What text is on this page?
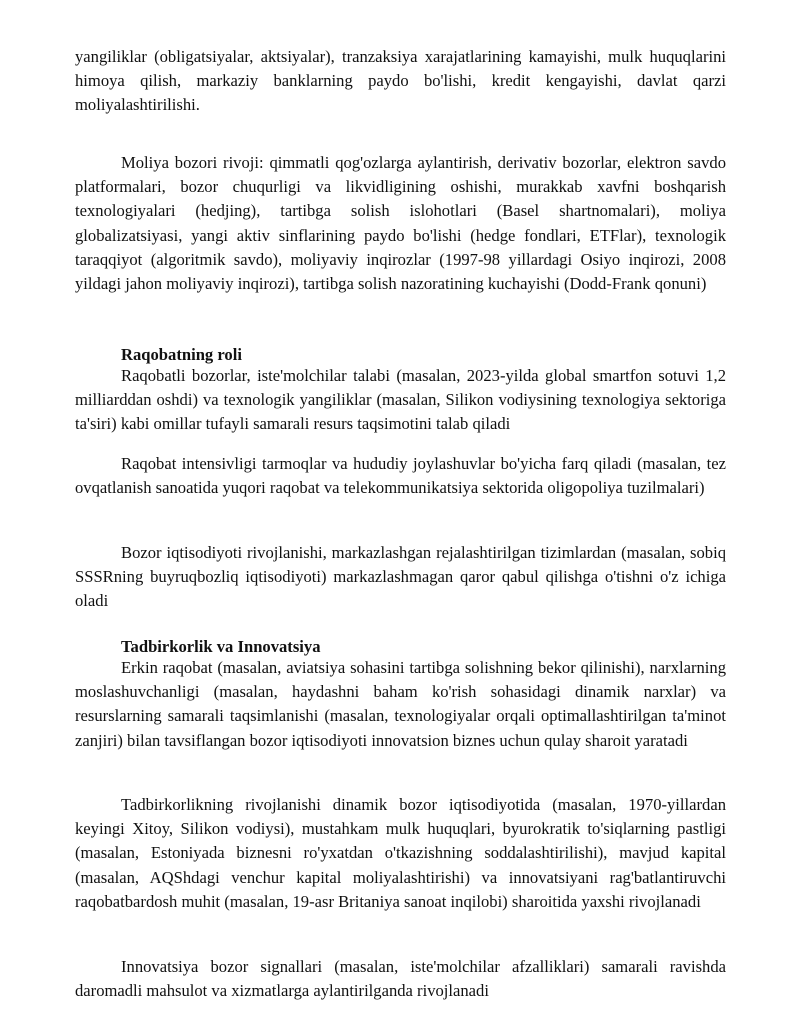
yangiliklar (obligatsiyalar, aktsiyalar), tranzaksiya xarajatlarining kamayishi, mulk huquqlarini himoya qilish, markaziy banklarning paydo bo'lishi, kredit kengayishi, davlat qarzi moliyalashtirilishi.

Moliya bozori rivoji: qimmatli qog'ozlarga aylantirish, derivativ bozorlar, elektron savdo platformalari, bozor chuqurligi va likvidligining oshishi, murakkab xavfni boshqarish texnologiyalari (hedjing), tartibga solish islohotlari (Basel shartnomalari), moliya globalizatsiyasi, yangi aktiv sinflarining paydo bo'lishi (hedge fondlari, ETFlar), texnologik taraqqiyot (algoritmik savdo), moliyaviy inqirozlar (1997-98 yillardagi Osiyo inqirozi, 2008 yildagi jahon moliyaviy inqirozi), tartibga solish nazoratining kuchayishi (Dodd-Frank qonuni)

Raqobatning roli

Raqobatli bozorlar, iste'molchilar talabi (masalan, 2023-yilda global smartfon sotuvi 1,2 milliarddan oshdi) va texnologik yangiliklar (masalan, Silikon vodiysining texnologiya sektoriga ta'siri) kabi omillar tufayli samarali resurs taqsimotini talab qiladi

Raqobat intensivligi tarmoqlar va hududiy joylashuvlar bo'yicha farq qiladi (masalan, tez ovqatlanish sanoatida yuqori raqobat va telekommunikatsiya sektorida oligopoliya tuzilmalari)

Bozor iqtisodiyoti rivojlanishi, markazlashgan rejalashtirilgan tizimlardan (masalan, sobiq SSSRning buyruqbozliq iqtisodiyoti) markazlashmagan qaror qabul qilishga o'tishni o'z ichiga oladi

Tadbirkorlik va Innovatsiya

Erkin raqobat (masalan, aviatsiya sohasini tartibga solishning bekor qilinishi), narxlarning moslashuvchanligi (masalan, haydashni baham ko'rish sohasidagi dinamik narxlar) va resurslarning samarali taqsimlanishi (masalan, texnologiyalar orqali optimallashtirilgan ta'minot zanjiri) bilan tavsiflangan bozor iqtisodiyoti innovatsion biznes uchun qulay sharoit yaratadi

Tadbirkorlikning rivojlanishi dinamik bozor iqtisodiyotida (masalan, 1970-yillardan keyingi Xitoy, Silikon vodiysi), mustahkam mulk huquqlari, byurokratik to'siqlarning pastligi (masalan, Estoniyada biznesni ro'yxatdan o'tkazishning soddalashtirilishi), mavjud kapital (masalan, AQShdagi venchur kapital moliyalashtirishi) va innovatsiyani rag'batlantiruvchi raqobatbardosh muhit (masalan, 19-asr Britaniya sanoat inqilobi) sharoitida yaxshi rivojlanadi

Innovatsiya bozor signallari (masalan, iste'molchilar afzalliklari) samarali ravishda daromadli mahsulot va xizmatlarga aylantirilganda rivojlanadi
